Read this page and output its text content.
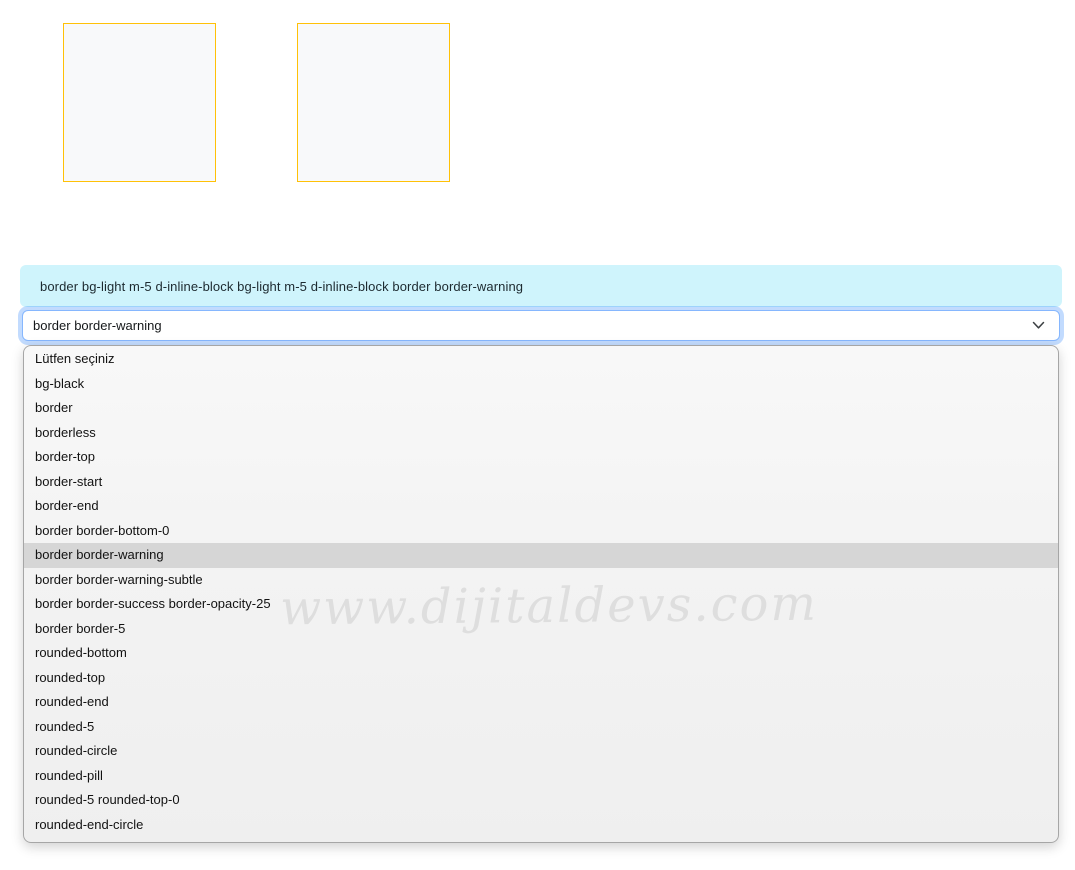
border bg-light m-5 d-inline-block bg-light m-5 d-inline-block border border-warning
border border-warning
www.dijitaldevs.com
Lütfen seçiniz
bg-black
border
borderless
border-top
border-start
border-end
border border-bottom-0
border border-warning
border border-warning-subtle
border border-success border-opacity-25
border border-5
rounded-bottom
rounded-top
rounded-end
rounded-5
rounded-circle
rounded-pill
rounded-5 rounded-top-0
rounded-end-circle
